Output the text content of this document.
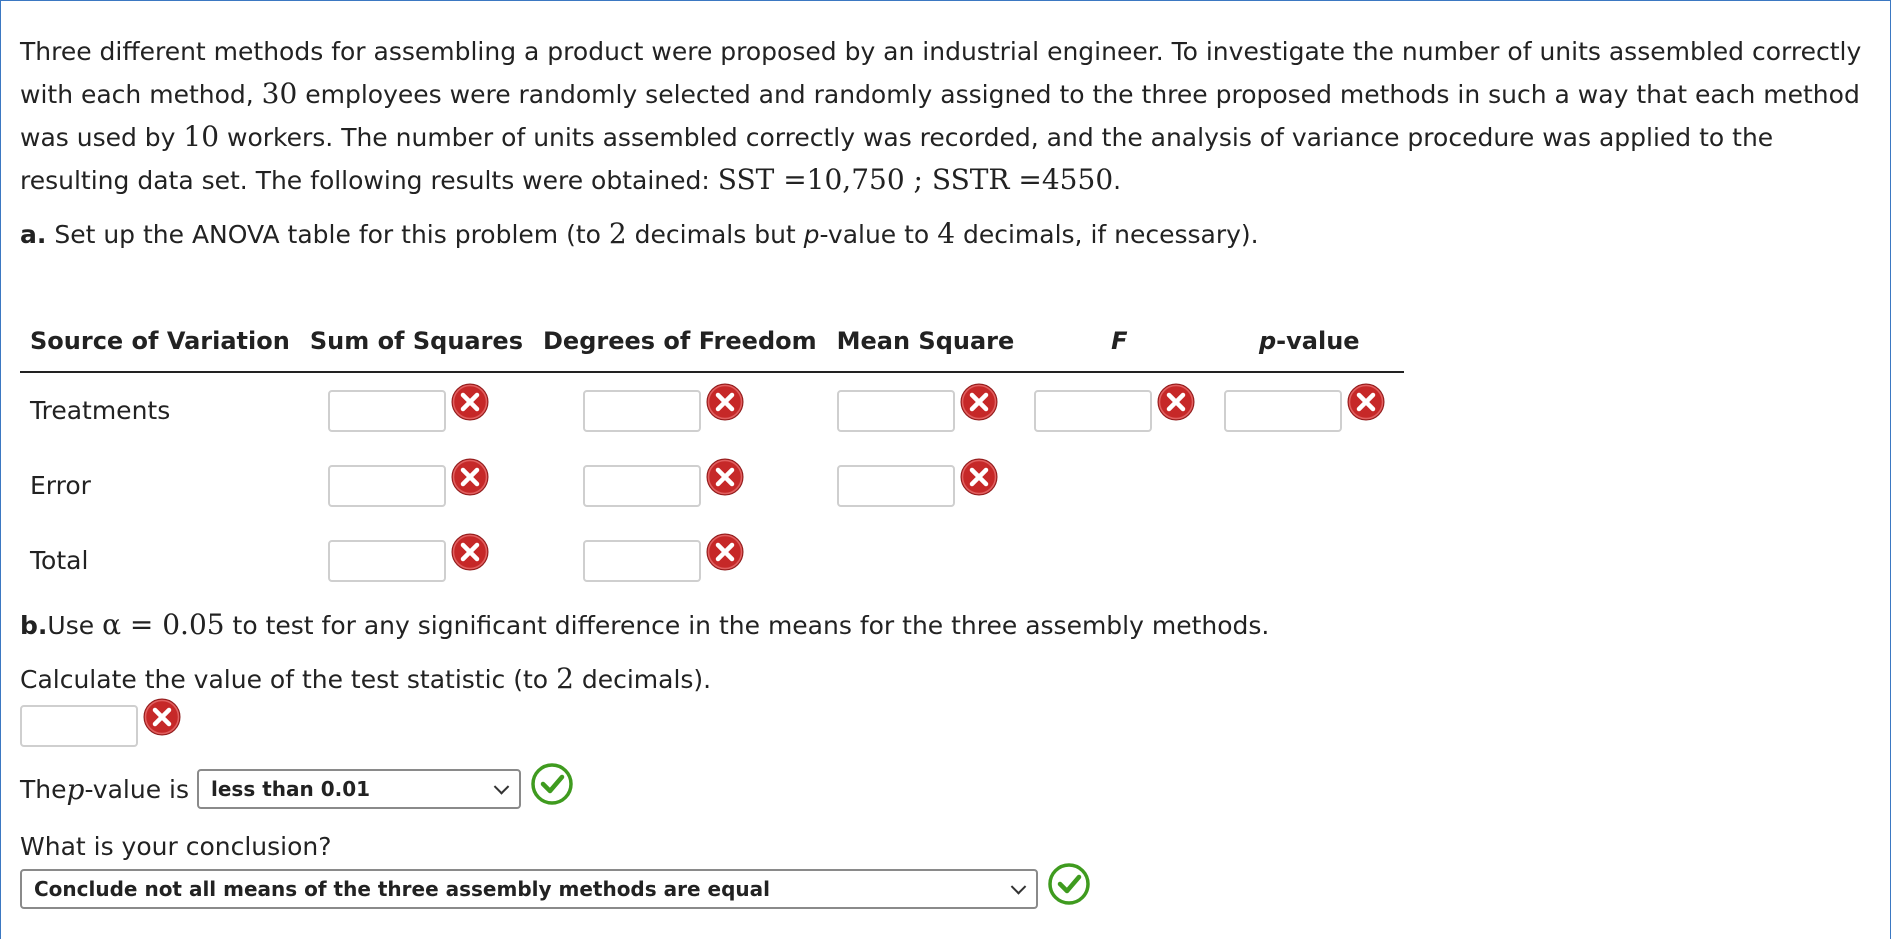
Three different methods for assembling a product were proposed by an industrial engineer. To investigate the number of units assembled correctly with each method, 30 employees were randomly selected and randomly assigned to the three proposed methods in such a way that each method was used by 10 workers. The number of units assembled correctly was recorded, and the analysis of variance procedure was applied to the resulting data set. The following results were obtained: SST =10,750 ; SSTR =4550.

a. Set up the ANOVA table for this problem (to 2 decimals but p-value to 4 decimals, if necessary).

Source of Variation	Sum of Squares	Degrees of Freedom	Mean Square	F	p-value
Treatments	

Error	

Total	

b.Use α = 0.05 to test for any significant difference in the means for the three assembly methods.

Calculate the value of the test statistic (to 2 decimals).

The p -value is less than 0.01

What is your conclusion?

Conclude not all means of the three assembly methods are equal
